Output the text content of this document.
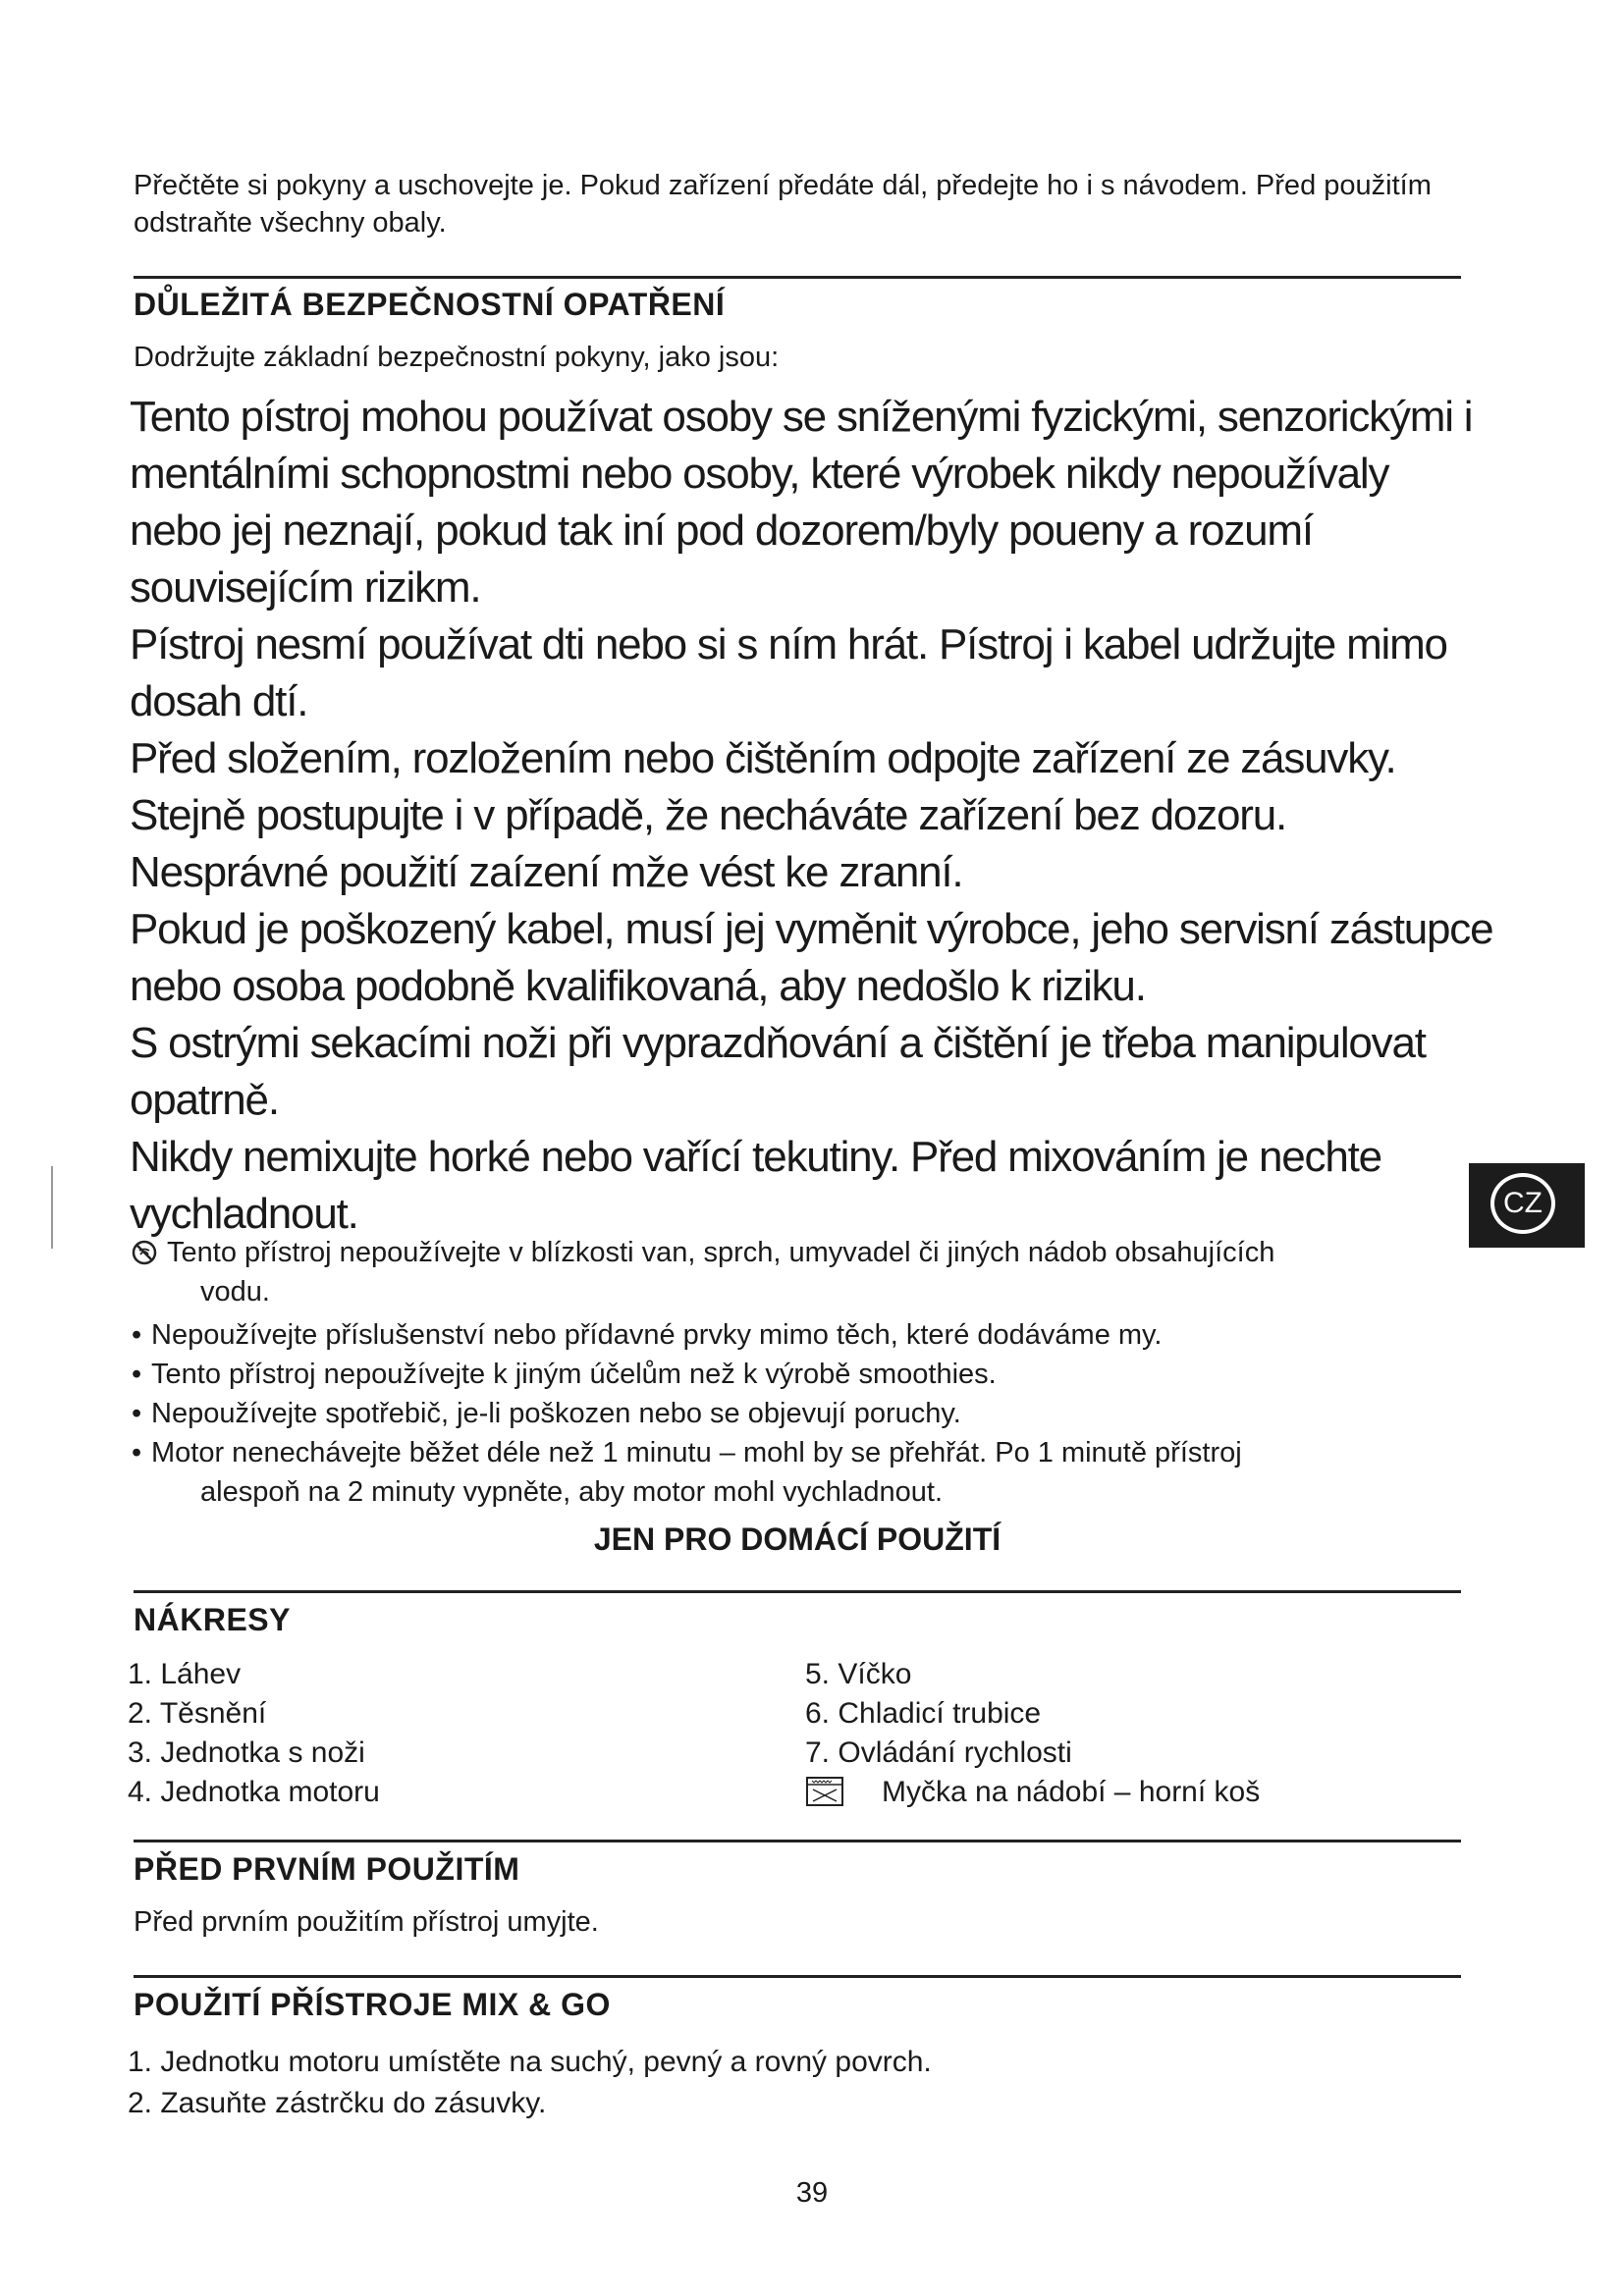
Přečtěte si pokyny a uschovejte je. Pokud zařízení předáte dál, předejte ho i s návodem. Před použitím odstraňte všechny obaly.
DŮLEŽITÁ BEZPEČNOSTNÍ OPATŘENÍ
Dodržujte základní bezpečnostní pokyny, jako jsou:

Tento pístroj mohou používat osoby se sníženými fyzickými, senzorickými i

mentálními schopnostmi nebo osoby, které výrobek nikdy nepoužívaly

nebo jej neznají, pokud tak iní pod dozorem/byly poueny a rozumí

souvisejícím rizikm.

Pístroj nesmí používat dti nebo si s ním hrát. Pístroj i kabel udržujte mimo

dosah dtí.

Před složením, rozložením nebo čištěním odpojte zařízení ze zásuvky.

Stejně postupujte i v případě, že necháváte zařízení bez dozoru.

Nesprávné použití zaízení mže vést ke zranní.

Pokud je poškozený kabel, musí jej vyměnit výrobce, jeho servisní zástupce

nebo osoba podobně kvalifikovaná, aby nedošlo k riziku.

S ostrými sekacími noži při vyprazdňování a čištění je třeba manipulovat

opatrně.

Nikdy nemixujte horké nebo vařící tekutiny. Před mixováním je nechte

vychladnout.

Tento přístroj nepoužívejte v blízkosti van, sprch, umyvadel či jiných nádob obsahujících
vodu.
• Nepoužívejte příslušenství nebo přídavné prvky mimo těch, které dodáváme my.
• Tento přístroj nepoužívejte k jiným účelům než k výrobě smoothies.
• Nepoužívejte spotřebič, je-li poškozen nebo se objevují poruchy.
• Motor nenechávejte běžet déle než 1 minutu – mohl by se přehřát. Po 1 minutě přístroj
alespoň na 2 minuty vypněte, aby motor mohl vychladnout.
JEN PRO DOMÁCÍ POUŽITÍ
NÁKRESY
1. Láhev
2. Těsnění
3. Jednotka s noži
4. Jednotka motoru
5. Víčko
6. Chladicí trubice
7. Ovládání rychlosti
Myčka na nádobí – horní koš
PŘED PRVNÍM POUŽITÍM
Před prvním použitím přístroj umyjte.
POUŽITÍ PŘÍSTROJE MIX & GO
1. Jednotku motoru umístěte na suchý, pevný a rovný povrch.
2. Zasuňte zástrčku do zásuvky.
39
CZ
